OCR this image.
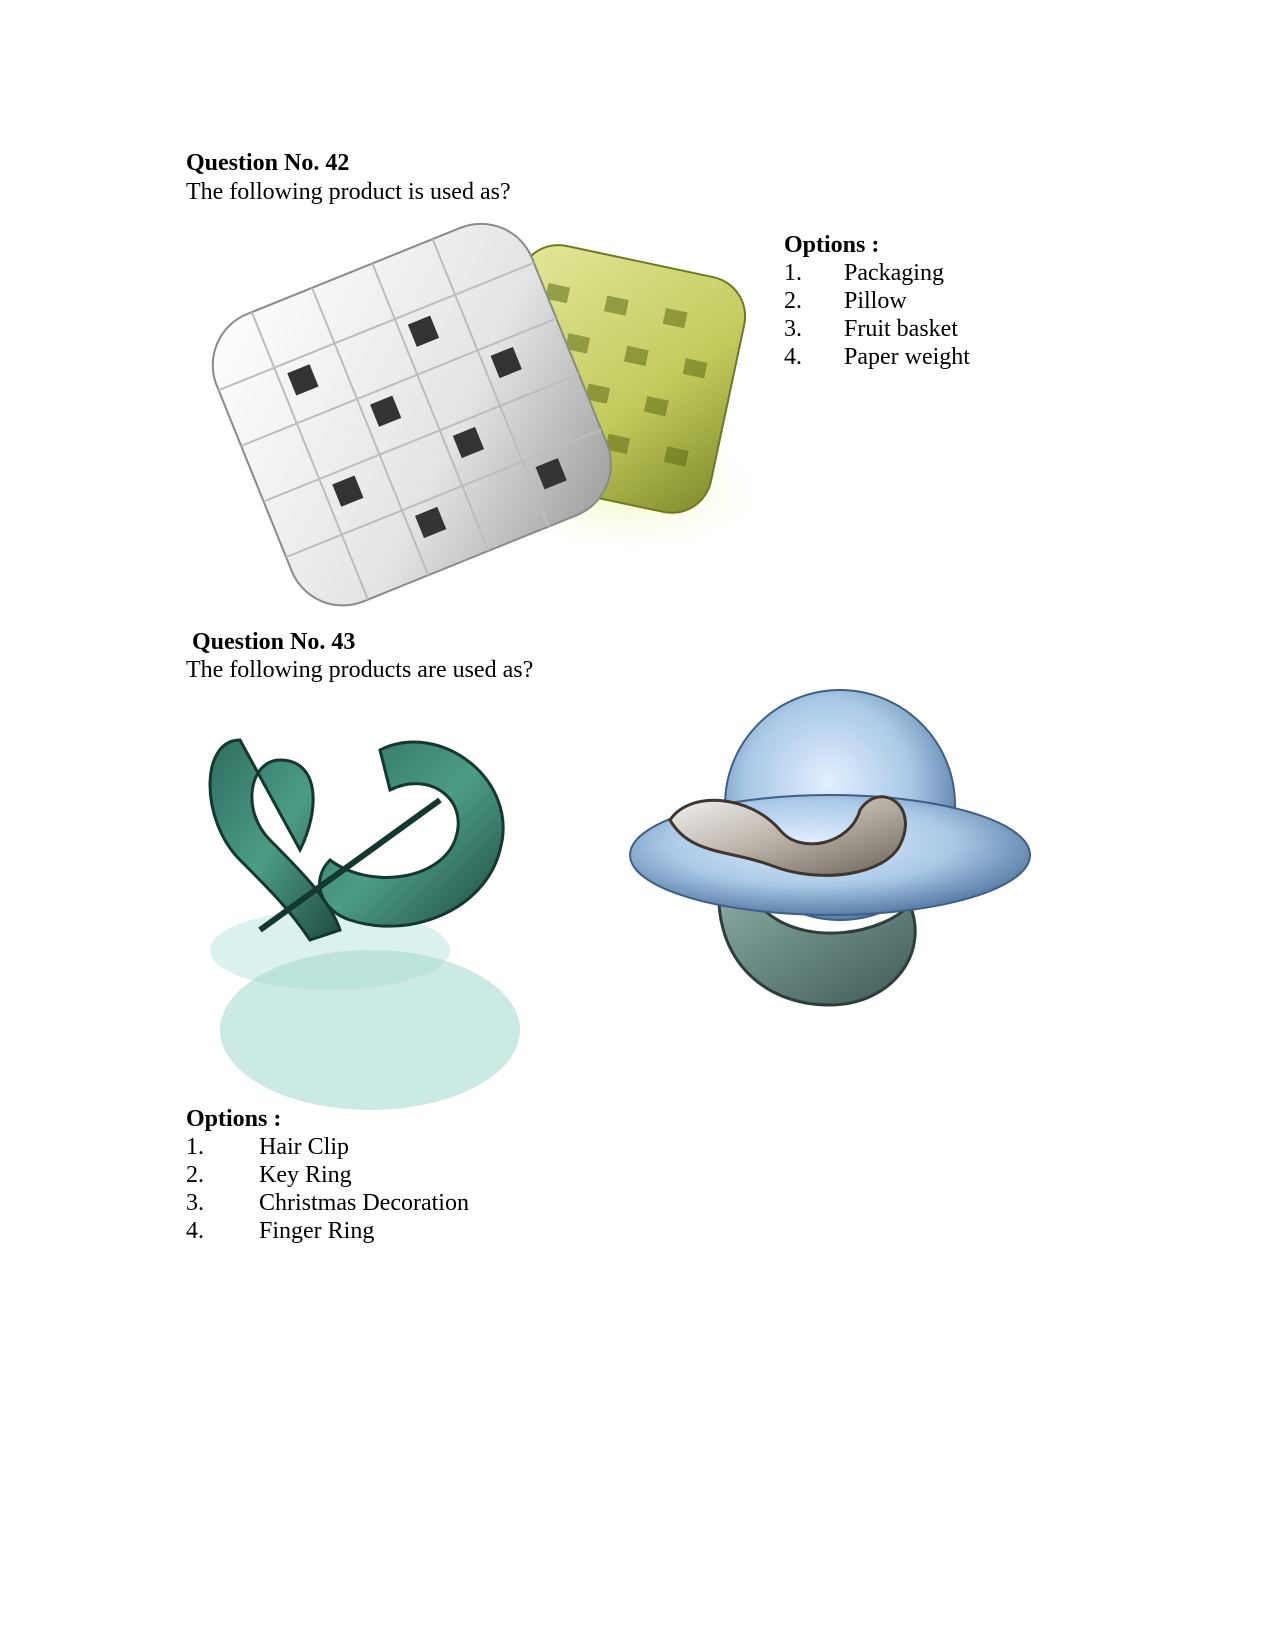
Question No. 42
The following product is used as?
Options :
1. Packaging
2. Pillow
3. Fruit basket
4. Paper weight
Question No. 43
The following products are used as?
Options :
1. Hair Clip
2. Key Ring
3. Christmas Decoration
4. Finger Ring
